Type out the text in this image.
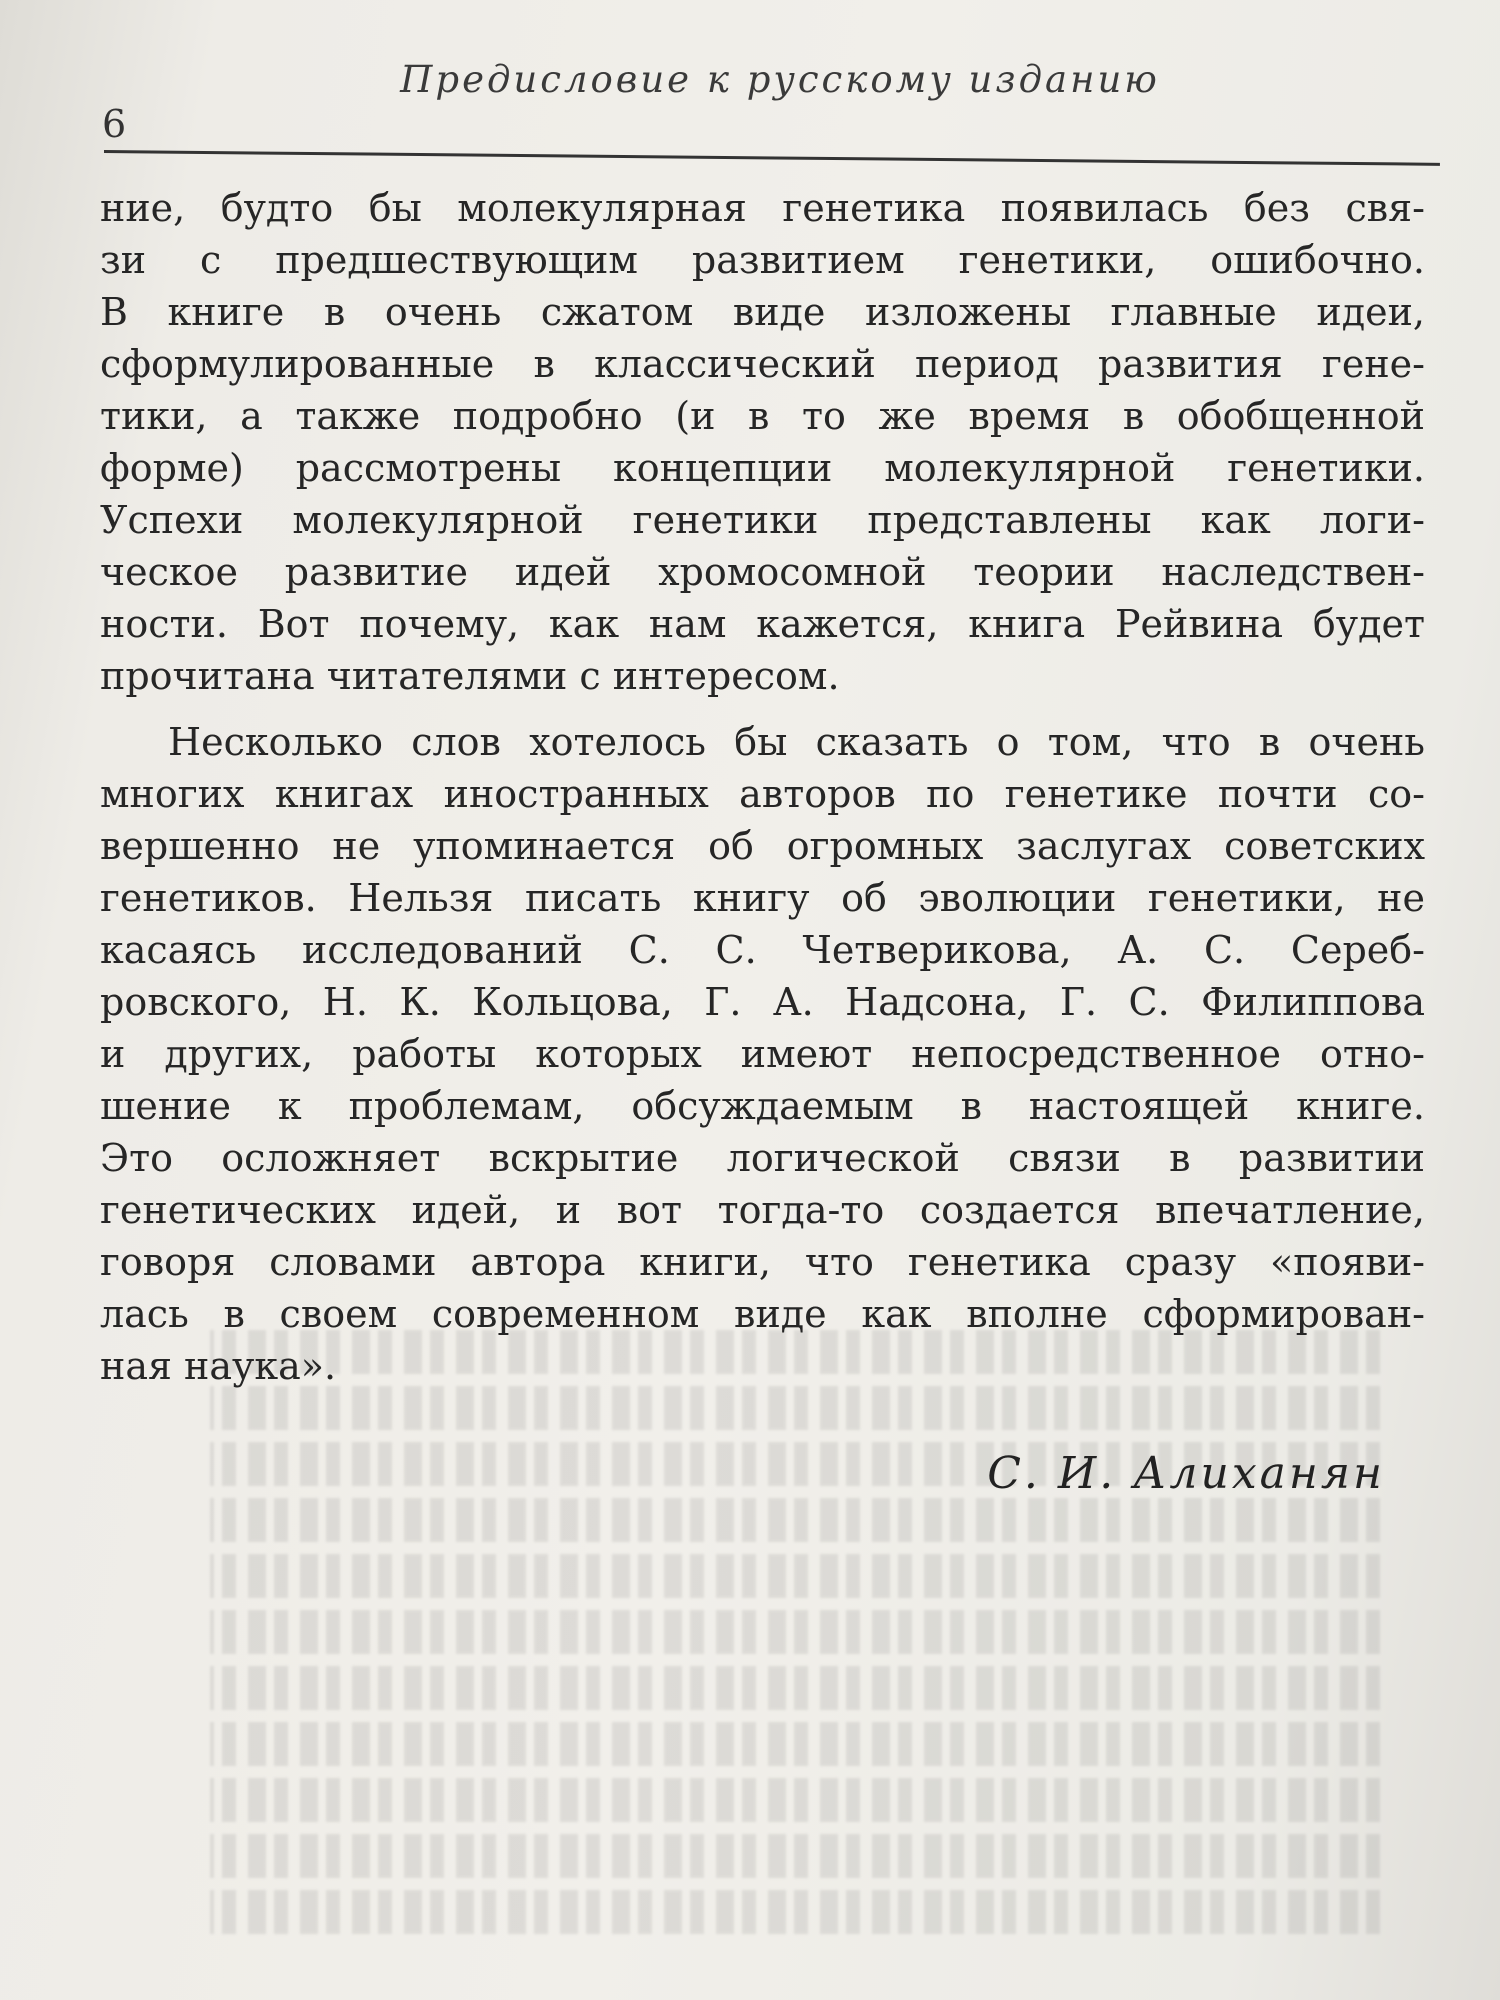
Предисловие к русскому изданию
6
ние, будто бы молекулярная генетика появилась без свя-
зи с предшествующим развитием генетики, ошибочно.
В книге в очень сжатом виде изложены главные идеи,
сформулированные в классический период развития гене-
тики, а также подробно (и в то же время в обобщенной
форме) рассмотрены концепции молекулярной генетики.
Успехи молекулярной генетики представлены как логи-
ческое развитие идей хромосомной теории наследствен-
ности. Вот почему, как нам кажется, книга Рейвина будет
прочитана читателями с интересом.
Несколько слов хотелось бы сказать о том, что в очень
многих книгах иностранных авторов по генетике почти со-
вершенно не упоминается об огромных заслугах советских
генетиков. Нельзя писать книгу об эволюции генетики, не
касаясь исследований С. С. Четверикова, А. С. Сереб-
ровского, Н. К. Кольцова, Г. А. Надсона, Г. С. Филиппова
и других, работы которых имеют непосредственное отно-
шение к проблемам, обсуждаемым в настоящей книге.
Это осложняет вскрытие логической связи в развитии
генетических идей, и вот тогда-то создается впечатление,
говоря словами автора книги, что генетика сразу «появи-
лась в своем современном виде как вполне сформирован-
ная наука».
С. И. Алиханян
